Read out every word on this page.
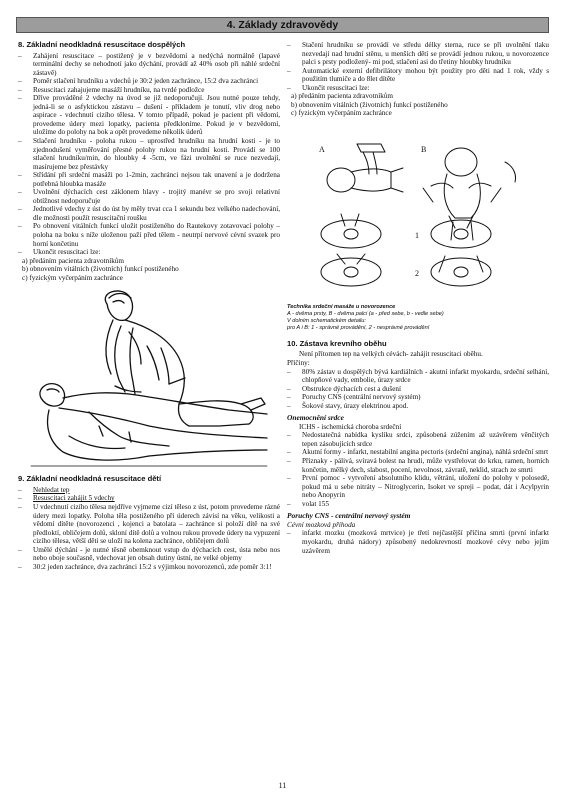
4. Základy zdravovědy
8. Základní neodkladná resuscitace dospělých
– Zahájení resuscitace – postižený je v bezvědomí a nedýchá normálně (lapavé terminální dechy se nehodnotí jako dýchání, provádí až 40% osob při náhlé srdeční zástavě)
– Poměr stlačení hrudníku a vdechů je 30:2 jeden zachránce, 15:2 dva zachránci
– Resuscitaci zahajujeme masáží hrudníku, na tvrdé podložce
– Dříve prováděné 2 vdechy na úvod se již nedoporučují. Jsou nutné pouze tehdy, jedná-li se o asfyktickou zástavu – dušení - příkladem je tonutí, vliv drog nebo aspirace - vdechnutí cizího tělesa. V tomto případě, pokud je pacient při vědomí, provedeme údery mezi lopatky, pacienta předkloníme. Pokud je v bezvědomí, uložíme do polohy na bok a opět provedeme několik úderů
– Stlačení hrudníku - poloha rukou – uprostřed hrudníku na hrudní kosti - je to zjednodušení vyměřování přesné polohy rukou na hrudní kosti. Provádí se 100 stlačení hrudníku/min, do hloubky 4 -5cm, ve fázi uvolnění se ruce nezvedají, masírujeme bez přestávky
– Střídání při srdeční masáži po 1-2min, zachránci nejsou tak unavení a je dodržena potřebná hloubka masáže
– Uvolnění dýchacích cest záklonem hlavy - trojitý manévr se pro svoji relativní obtížnost nedoporučuje
– Jednotlivé vdechy z úst do úst by měly trvat cca 1 sekundu bez velkého nadechování, dle možnosti použít resuscitační roušku
– Po obnovení vitálních funkcí uložit postiženého do Rautekovy zotavovací polohy – poloha na boku s níže uloženou paží před tělem - neutrpí nervové cévní svazek pro horní končetinu
– Ukončit resuscitaci lze:
a) předáním pacienta zdravotníkům
b) obnovením vitálních (životních) funkcí postiženého
c) fyzickým vyčerpáním zachránce
9. Základní neodkladná resuscitace dětí
– Nehledat tep
– Resuscitaci zahájit 5 vdechy
– U vdechnutí cizího tělesa nejdříve vyjmeme cizí těleso z úst, potom provedeme rázné údery mezi lopatky. Poloha těla postiženého při úderech závisí na věku, velikosti a vědomí dítěte (novorozenci , kojenci a batolata – zachránce si položí dítě na své předloktí, obličejem dolů, skloní dítě dolů a volnou rukou provede údery na vypuzení cizího tělesa, větší děti se uloží na kolena zachránce, obličejem dolů
– Umělé dýchání - je nutné těsně obemknout vstup do dýchacích cest, ústa nebo nos nebo oboje současně, vdechovat jen obsah dutiny ústní, ne velké objemy
– 30:2 jeden zachránce, dva zachránci 15:2 s výjimkou novorozenců, zde poměr 3:1!
– Stačení hrudníku se provádí ve středu délky sterna, ruce se při uvolnění tlaku nezvedají nad hrudní stěnu, u menších dětí se provádí jednou rukou, u novorozence palci s prsty podložený- mi pod, stlačení asi do třetiny hloubky hrudníku
– Automatické externí defibrilátory mohou být použity pro děti nad 1 rok, vždy s použitím tlumiče a do 8let dítěte
– Ukončit resuscitaci lze:
a) předáním pacienta zdravotníkům
b) obnovením vitálních (životních) funkcí postiženého
c) fyzickým vyčerpáním zachránce
A	B
1
2
Technika srdeční masáže u novorozence
A - dvěma prsty, B - dvěma palci (a - před sebe, b - vedle sebe)
V dolním schematickém detailu:
pro A i B: 1 - správné provádění, 2 - nesprávné provádění
10. Zástava krevního oběhu

Není přítomen tep na velkých cévách- zahájit resuscitaci oběhu.

Příčiny:

– 80% zástav u dospělých bývá kardiálních - akutní infarkt myokardu, srdeční selhání, chlopňové vady, embolie, úrazy srdce
– Obstrukce dýchacích cest a dušení
– Poruchy CNS (centrální nervový systém)
– Šokové stavy, úrazy elektrinou apod.
Onemocnění srdce

ICHS - ischemická choroba srdeční

– Nedostatečná nabídka kyslíku srdci, způsobená zúžením až uzávěrem věnčitých tepen zásobujících srdce
– Akutní formy - infarkt, nestabilní angina pectoris (srdeční angina), náhlá srdeční smrt
– Příznaky - pálivá, svíravá bolest na hrudi, může vystřelovat do krku, ramen, horních končetin, mělký dech, slabost, pocení, nevolnost, závratě, neklid, strach ze smrti
– První pomoc - vytvoření absolutního klidu, větrání, uložení do polohy v polosedě, pokud má u sebe nitráty – Nitroglycerin, Isoket ve spreji – podat, dát i Acylpyrin nebo Anopyrin
– volat 155
Poruchy CNS - centrální nervový systém

Cévní mozková příhoda

– infarkt mozku (mozková mrtvice) je třetí nejčastější příčina smrti (první infarkt myokardu, druhá nádory) způsobený nedokrevností mozkové cévy nebo jejím uzávěrem
11
